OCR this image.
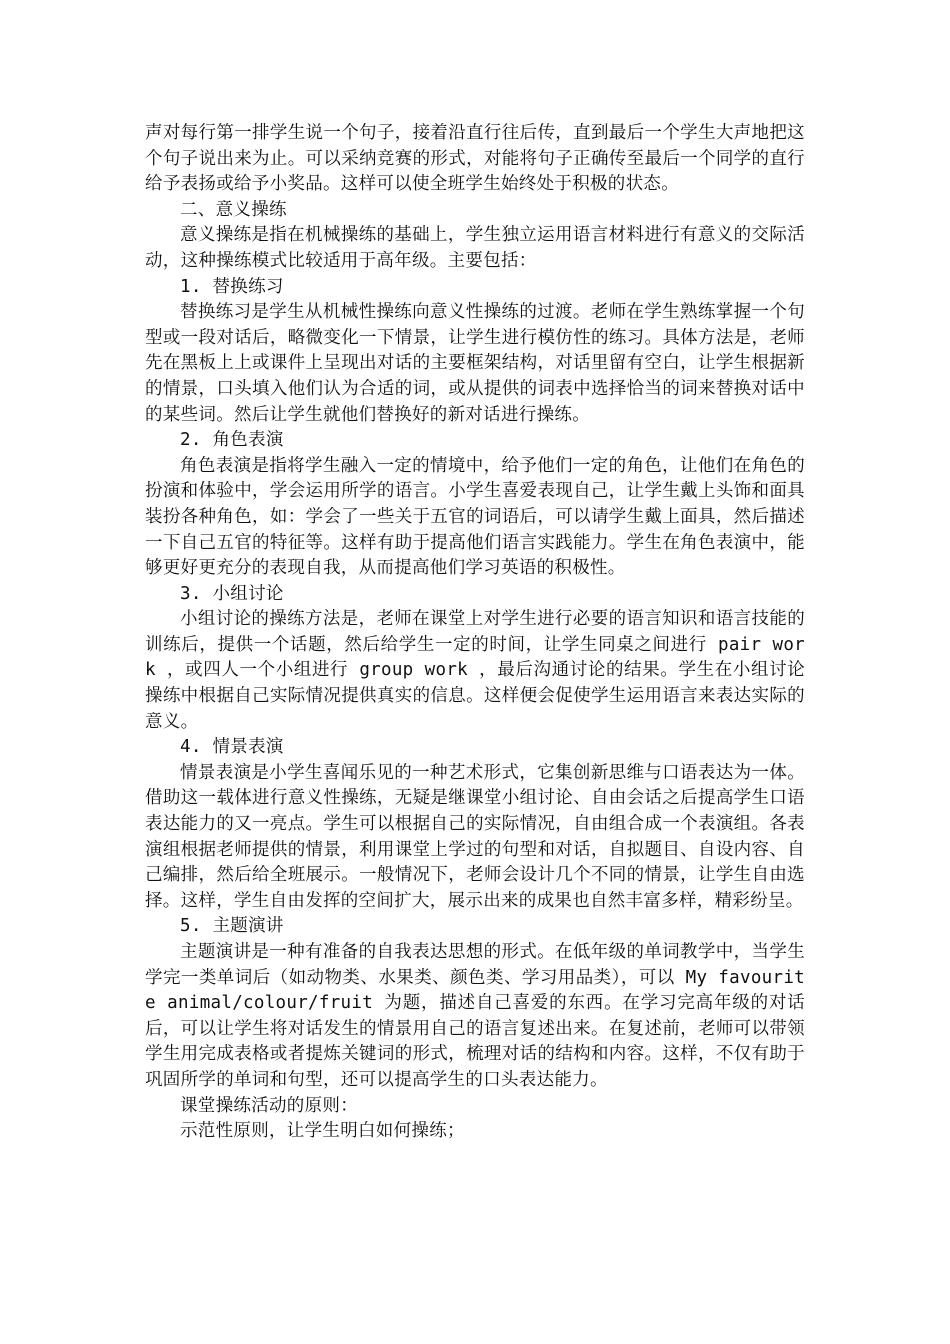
声对每行第一排学生说一个句子，接着沿直行往后传，直到最后一个学生大声地把这个句子说出来为止。可以采纳竞赛的形式，对能将句子正确传至最后一个同学的直行给予表扬或给予小奖品。这样可以使全班学生始终处于积极的状态。

二、意义操练

意义操练是指在机械操练的基础上，学生独立运用语言材料进行有意义的交际活动，这种操练模式比较适用于高年级。主要包括：

1. 替换练习

替换练习是学生从机械性操练向意义性操练的过渡。老师在学生熟练掌握一个句型或一段对话后，略微变化一下情景，让学生进行模仿性的练习。具体方法是，老师先在黑板上上或课件上呈现出对话的主要框架结构，对话里留有空白，让学生根据新的情景，口头填入他们认为合适的词，或从提供的词表中选择恰当的词来替换对话中的某些词。然后让学生就他们替换好的新对话进行操练。

2. 角色表演

角色表演是指将学生融入一定的情境中，给予他们一定的角色，让他们在角色的扮演和体验中，学会运用所学的语言。小学生喜爱表现自己，让学生戴上头饰和面具装扮各种角色，如：学会了一些关于五官的词语后，可以请学生戴上面具，然后描述一下自己五官的特征等。这样有助于提高他们语言实践能力。学生在角色表演中，能够更好更充分的表现自我，从而提高他们学习英语的积极性。

3. 小组讨论

小组讨论的操练方法是，老师在课堂上对学生进行必要的语言知识和语言技能的训练后，提供一个话题，然后给学生一定的时间，让学生同桌之间进行 pair work ，或四人一个小组进行 group work ，最后沟通讨论的结果。学生在小组讨论操练中根据自己实际情况提供真实的信息。这样便会促使学生运用语言来表达实际的意义。

4. 情景表演

情景表演是小学生喜闻乐见的一种艺术形式，它集创新思维与口语表达为一体。借助这一载体进行意义性操练，无疑是继课堂小组讨论、自由会话之后提高学生口语表达能力的又一亮点。学生可以根据自己的实际情况，自由组合成一个表演组。各表演组根据老师提供的情景，利用课堂上学过的句型和对话，自拟题目、自设内容、自己编排，然后给全班展示。一般情况下，老师会设计几个不同的情景，让学生自由选择。这样，学生自由发挥的空间扩大，展示出来的成果也自然丰富多样，精彩纷呈。

5. 主题演讲

主题演讲是一种有准备的自我表达思想的形式。在低年级的单词教学中，当学生学完一类单词后（如动物类、水果类、颜色类、学习用品类），可以 My favourite animal/colour/fruit 为题，描述自己喜爱的东西。在学习完高年级的对话后，可以让学生将对话发生的情景用自己的语言复述出来。在复述前，老师可以带领学生用完成表格或者提炼关键词的形式，梳理对话的结构和内容。这样，不仅有助于巩固所学的单词和句型，还可以提高学生的口头表达能力。

课堂操练活动的原则：

示范性原则，让学生明白如何操练；
